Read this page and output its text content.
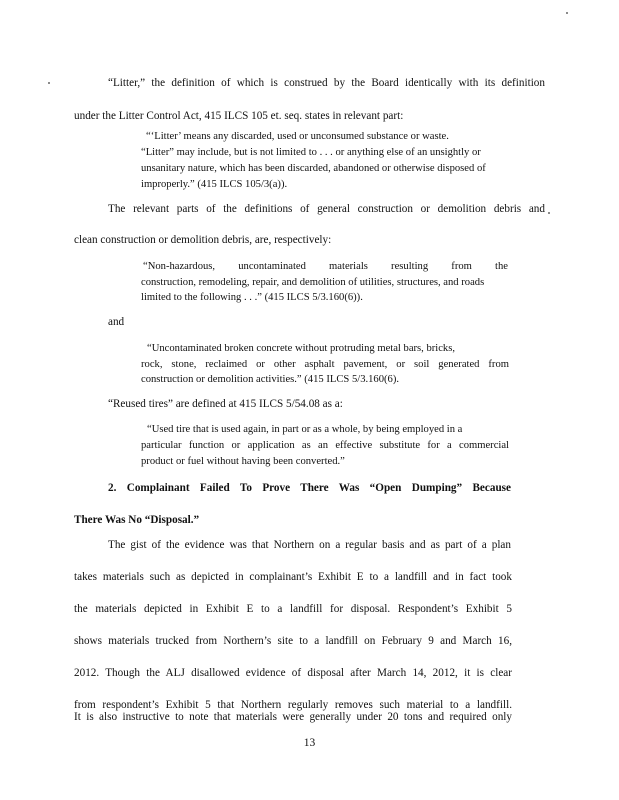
“Litter,” the definition of which is construed by the Board identically with its definition
under the Litter Control Act, 415 ILCS 105 et. seq. states in relevant part:
“‘Litter’ means any discarded, used or unconsumed substance or waste.
“Litter” may include, but is not limited to . . . or anything else of an unsightly or
unsanitary nature, which has been discarded, abandoned or otherwise disposed of
improperly.” (415 ILCS 105/3(a)).
The relevant parts of the definitions of general construction or demolition debris and
clean construction or demolition debris, are, respectively:
“Non-hazardous, uncontaminated materials resulting from the
construction, remodeling, repair, and demolition of utilities, structures, and roads
limited to the following . . .” (415 ILCS 5/3.160(6)).
and
“Uncontaminated broken concrete without protruding metal bars, bricks,
rock, stone, reclaimed or other asphalt pavement, or soil generated from
construction or demolition activities.” (415 ILCS 5/3.160(6).
“Reused tires” are defined at 415 ILCS 5/54.08 as a:
“Used tire that is used again, in part or as a whole, by being employed in a
particular function or application as an effective substitute for a commercial
product or fuel without having been converted.”
2. Complainant Failed To Prove There Was “Open Dumping” Because
There Was No “Disposal.”
The gist of the evidence was that Northern on a regular basis and as part of a plan
takes materials such as depicted in complainant’s Exhibit E to a landfill and in fact took
the materials depicted in Exhibit E to a landfill for disposal. Respondent’s Exhibit 5
shows materials trucked from Northern’s site to a landfill on February 9 and March 16,
2012. Though the ALJ disallowed evidence of disposal after March 14, 2012, it is clear
from respondent’s Exhibit 5 that Northern regularly removes such material to a landfill.
It is also instructive to note that materials were generally under 20 tons and required only
13
